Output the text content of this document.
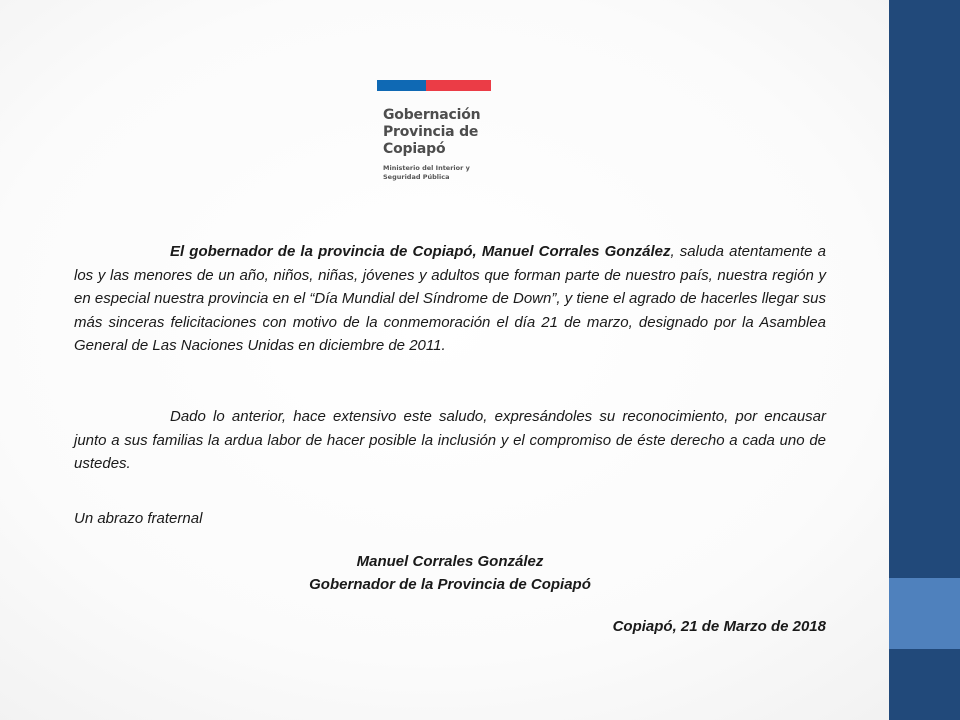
Gobernación
Provincia de
Copiapó
Ministerio del Interior y
Seguridad Pública

El gobernador de la provincia de Copiapó, Manuel Corrales González, saluda atentamente a los y las menores de un año, niños, niñas, jóvenes y adultos que forman parte de nuestro país, nuestra región y en especial nuestra provincia en el “Día Mundial del Síndrome de Down”, y tiene el agrado de hacerles llegar sus más sinceras felicitaciones con motivo de la conmemoración el día 21 de marzo, designado por la Asamblea General de Las Naciones Unidas en diciembre de 2011.

Dado lo anterior, hace extensivo este saludo, expresándoles su reconocimiento, por encausar junto a sus familias la ardua labor de hacer posible la inclusión y el compromiso de éste derecho a cada uno de ustedes.

Un abrazo fraternal
Manuel Corrales González
Gobernador de la Provincia de Copiapó
Copiapó, 21 de Marzo de 2018
